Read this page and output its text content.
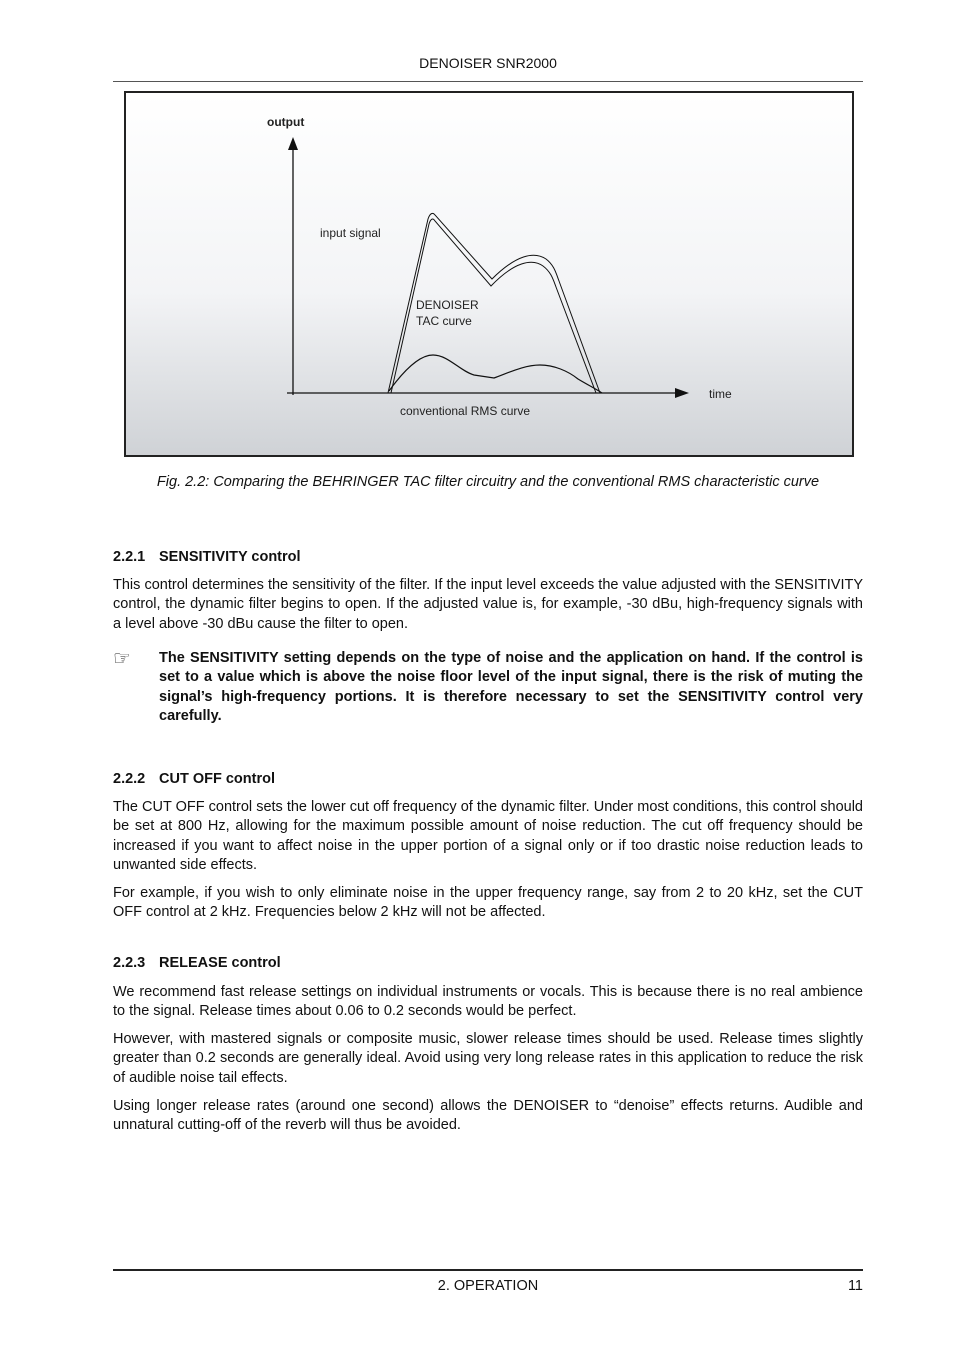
DENOISER SNR2000
output
input signal
DENOISER
TAC curve
time
conventional RMS curve
Fig. 2.2: Comparing the BEHRINGER TAC filter circuitry and the conventional RMS characteristic curve
2.2.1 SENSITIVITY control

This control determines the sensitivity of the filter. If the input level exceeds the value adjusted with the SENSITIVITY control, the dynamic filter begins to open. If the adjusted value is, for example, -30 dBu, high-frequency signals with a level above -30 dBu cause the filter to open.

☞ The SENSITIVITY setting depends on the type of noise and the application on hand. If the control is set to a value which is above the noise floor level of the input signal, there is the risk of muting the signal’s high-frequency portions. It is therefore necessary to set the SENSITIVITY control very carefully.

2.2.2 CUT OFF control

The CUT OFF control sets the lower cut off frequency of the dynamic filter. Under most conditions, this control should be set at 800 Hz, allowing for the maximum possible amount of noise reduction. The cut off frequency should be increased if you want to affect noise in the upper portion of a signal only or if too drastic noise reduction leads to unwanted side effects.

For example, if you wish to only eliminate noise in the upper frequency range, say from 2 to 20 kHz, set the CUT OFF control at 2 kHz. Frequencies below 2 kHz will not be affected.

2.2.3 RELEASE control

We recommend fast release settings on individual instruments or vocals. This is because there is no real ambience to the signal. Release times about 0.06 to 0.2 seconds would be perfect.

However, with mastered signals or composite music, slower release times should be used. Release times slightly greater than 0.2 seconds are generally ideal. Avoid using very long release rates in this application to reduce the risk of audible noise tail effects.

Using longer release rates (around one second) allows the DENOISER to “denoise” effects returns. Audible and unnatural cutting-off of the reverb will thus be avoided.

2. OPERATION	11
